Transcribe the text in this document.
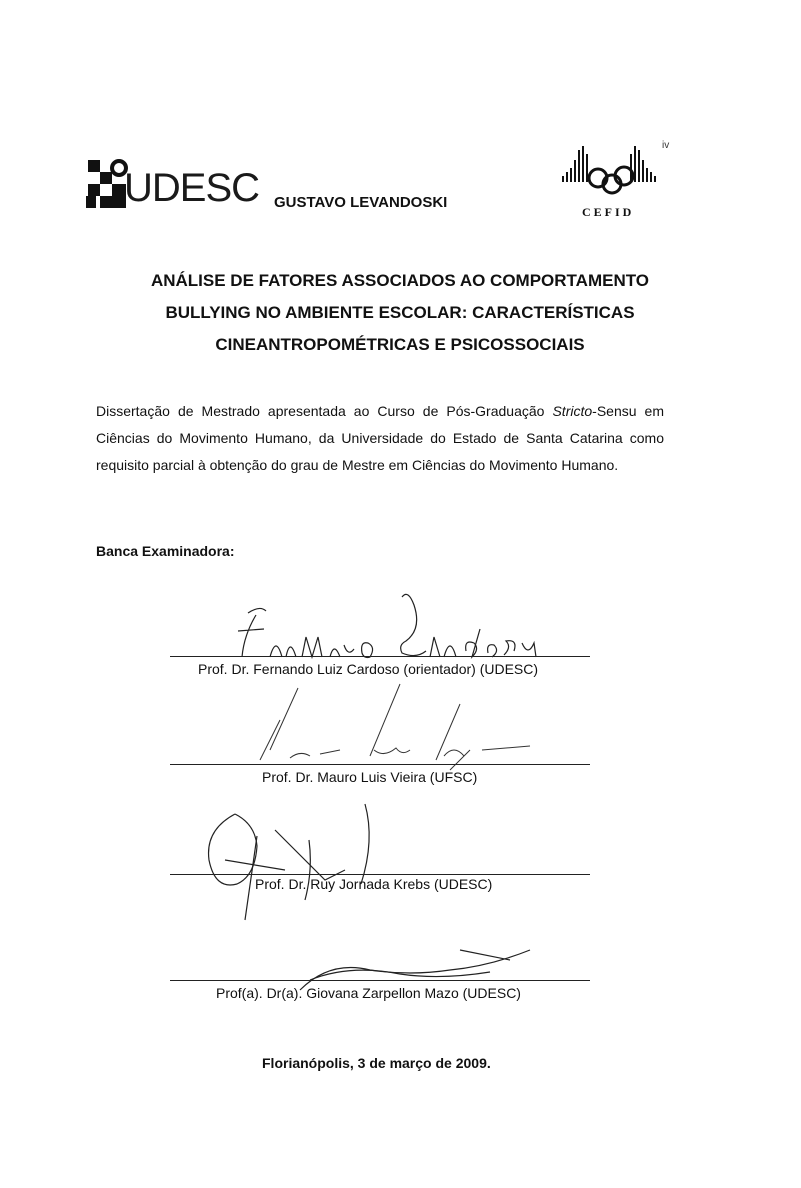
iv
UDESC GUSTAVO LEVANDOSKI
CEFID
ANÁLISE DE FATORES ASSOCIADOS AO COMPORTAMENTO
BULLYING NO AMBIENTE ESCOLAR: CARACTERÍSTICAS
CINEANTROPOMÉTRICAS E PSICOSSOCIAIS
Dissertação de Mestrado apresentada ao Curso de Pós-Graduação Stricto-Sensu em Ciências do Movimento Humano, da Universidade do Estado de Santa Catarina como requisito parcial à obtenção do grau de Mestre em Ciências do Movimento Humano.
Banca Examinadora:
Prof. Dr. Fernando Luiz Cardoso (orientador) (UDESC)
Prof. Dr. Mauro Luis Vieira (UFSC)
Prof. Dr. Ruy Jornada Krebs (UDESC)
Prof(a). Dr(a). Giovana Zarpellon Mazo (UDESC)
Florianópolis, 3 de março de 2009.
